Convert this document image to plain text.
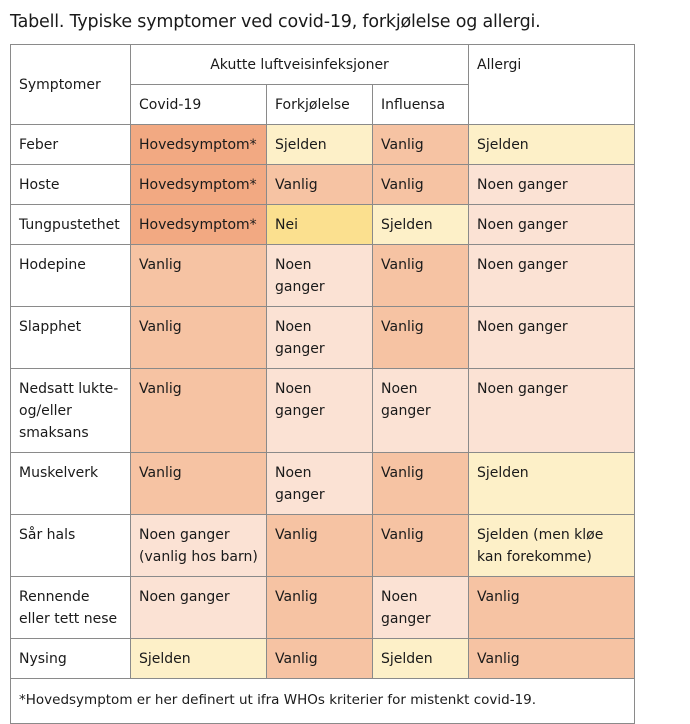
Tabell. Typiske symptomer ved covid-19, forkjølelse og allergi.
Symptomer	Akutte luftveisinfeksjoner			Allergi
	Covid-19	Forkjølelse	Influensa	
Feber	Hovedsymptom*	Sjelden	Vanlig	Sjelden
Hoste	Hovedsymptom*	Vanlig	Vanlig	Noen ganger
Tungpustethet	Hovedsymptom*	Nei	Sjelden	Noen ganger
Hodepine	Vanlig	Noen ganger	Vanlig	Noen ganger
Slapphet	Vanlig	Noen ganger	Vanlig	Noen ganger
Nedsatt lukte- og/eller smaksans	Vanlig	Noen ganger	Noen ganger	Noen ganger
Muskelverk	Vanlig	Noen ganger	Vanlig	Sjelden
Sår hals	Noen ganger (vanlig hos barn)	Vanlig	Vanlig	Sjelden (men kløe kan forekomme)
Rennende eller tett nese	Noen ganger	Vanlig	Noen ganger	Vanlig
Nysing	Sjelden	Vanlig	Sjelden	Vanlig
*Hovedsymptom er her definert ut ifra WHOs kriterier for mistenkt covid-19.				
